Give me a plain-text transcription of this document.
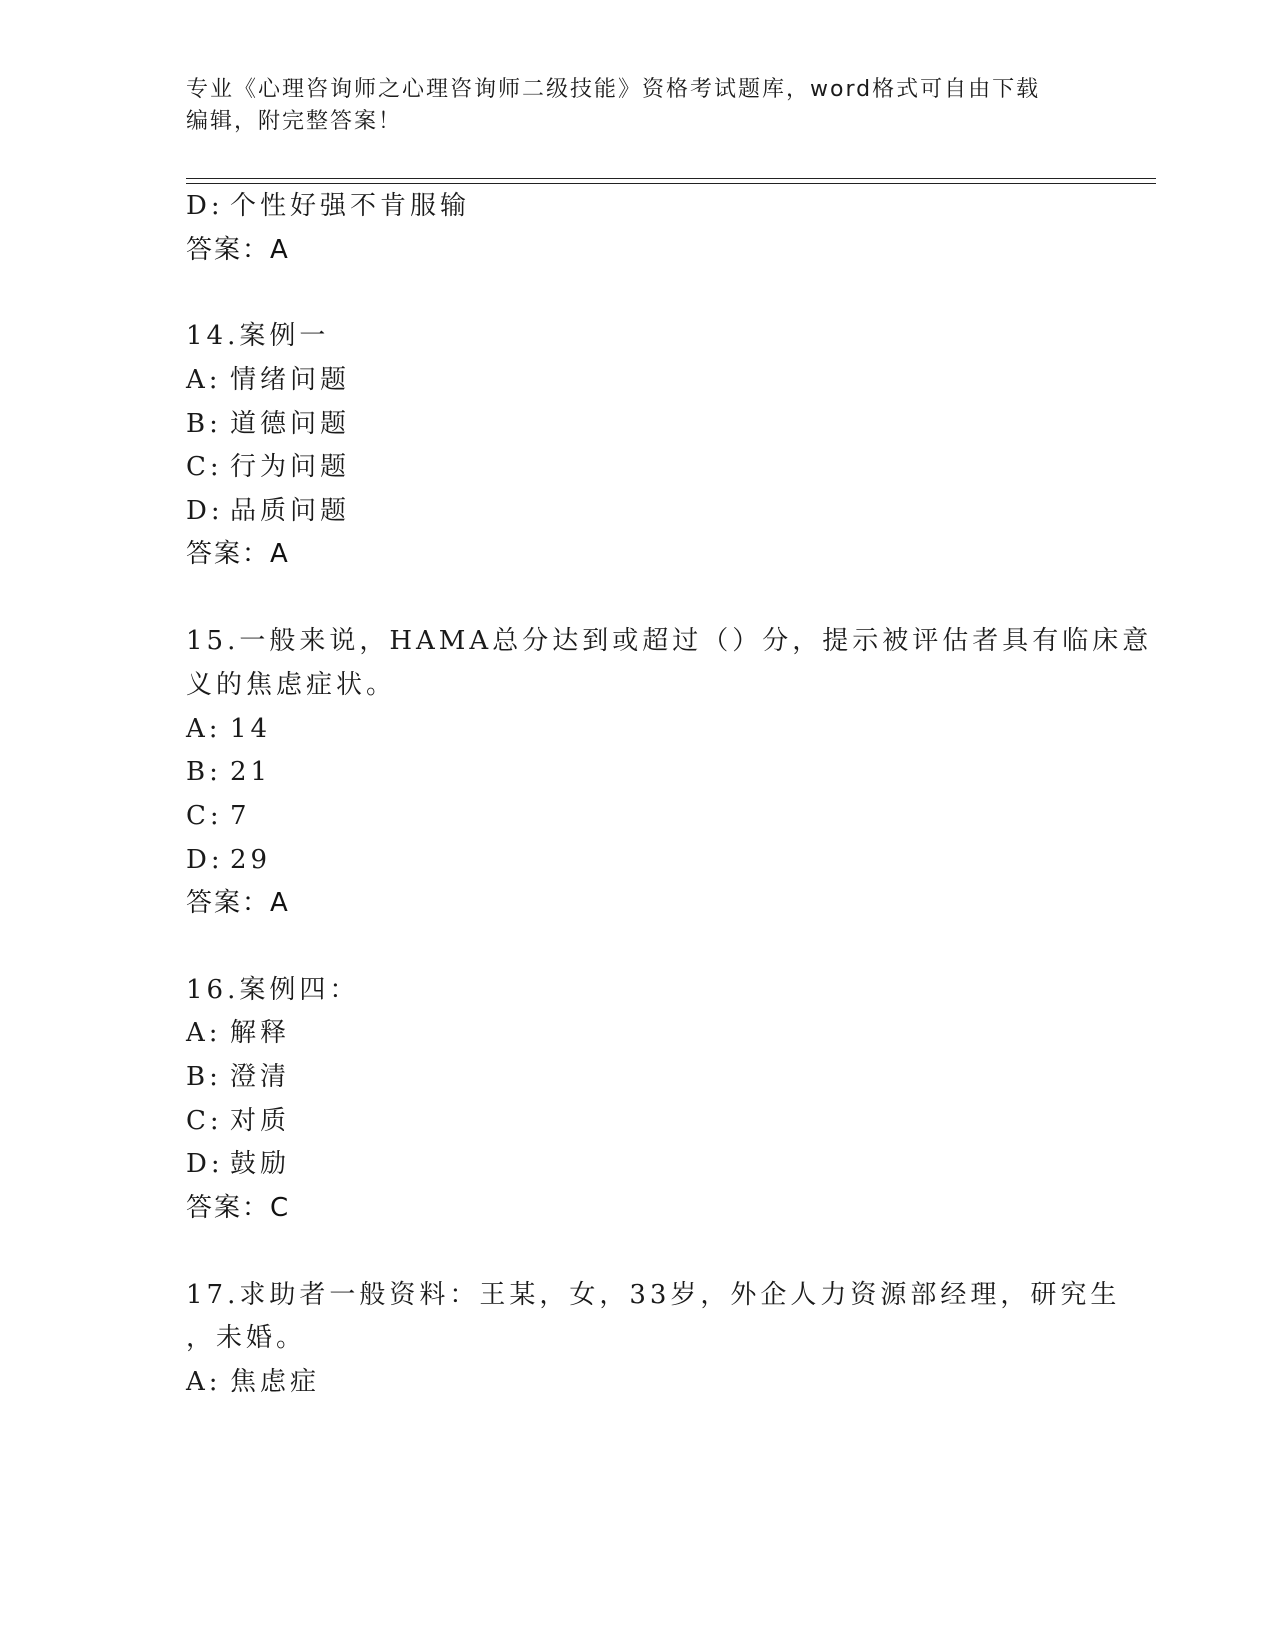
专业《心理咨询师之心理咨询师二级技能》资格考试题库，word格式可自由下载
编辑，附完整答案！
D: 个性好强不肯服输
答案：A
14.案例一
A: 情绪问题
B: 道德问题
C: 行为问题
D: 品质问题
答案：A
15.一般来说，HAMA总分达到或超过（）分，提示被评估者具有临床意
义的焦虑症状。
A: 14
B: 21
C: 7
D: 29
答案：A
16.案例四：
A: 解释
B: 澄清
C: 对质
D: 鼓励
答案：C
17.求助者一般资料：王某，女，33岁，外企人力资源部经理，研究生
，未婚。
A: 焦虑症
